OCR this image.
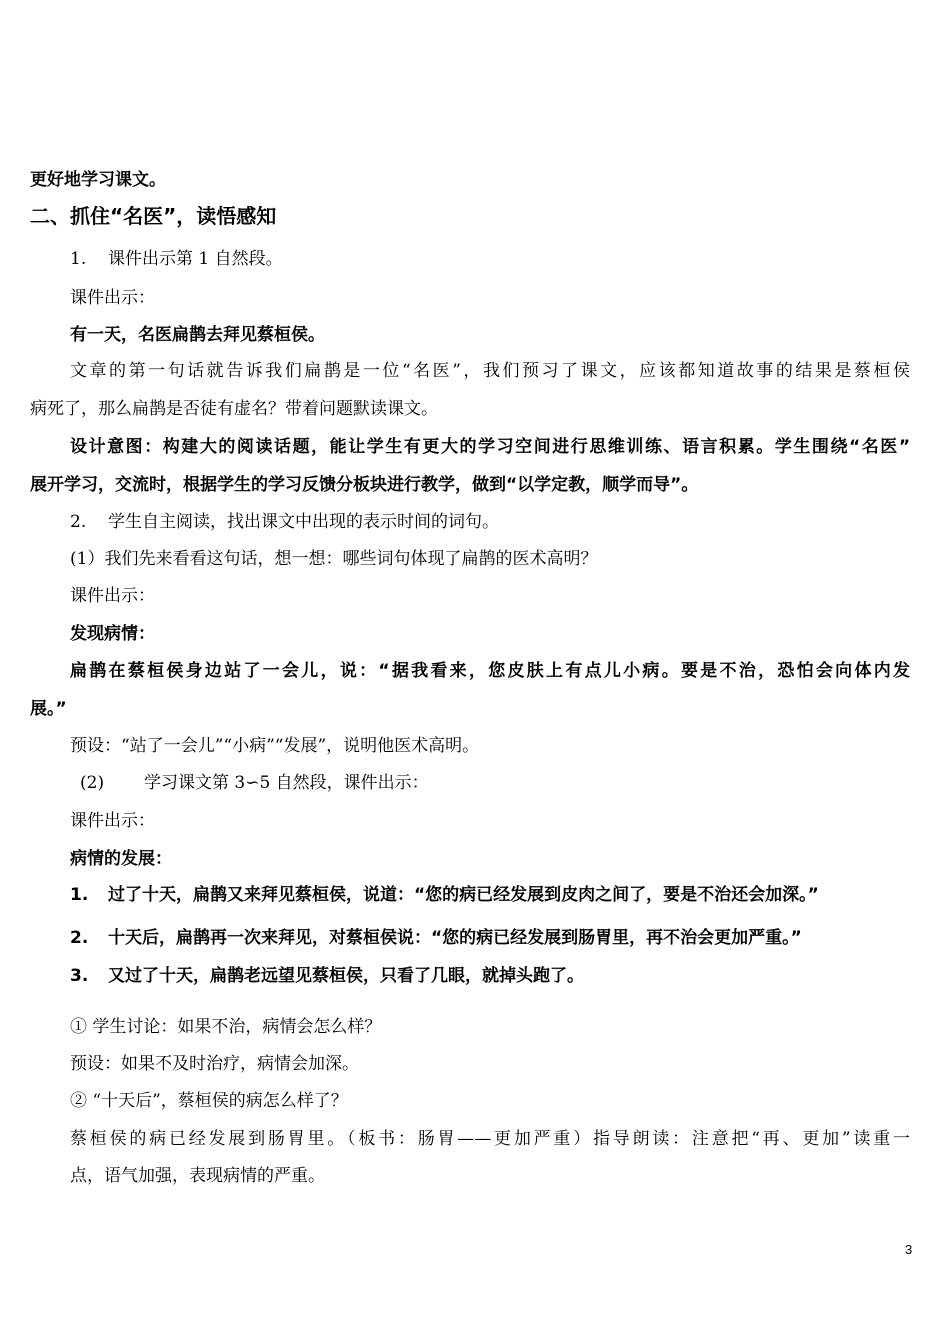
更好地学习课文。
二、抓住“名医”，读悟感知
1. 课件出示第 1 自然段。
课件出示：
有一天，名医扁鹊去拜见蔡桓侯。
文章的第一句话就告诉我们扁鹊是一位“名医”，我们预习了课文，应该都知道故事的结果是蔡桓侯
病死了，那么扁鹊是否徒有虚名？带着问题默读课文。
设计意图：构建大的阅读话题，能让学生有更大的学习空间进行思维训练、语言积累。学生围绕“名医”
展开学习，交流时，根据学生的学习反馈分板块进行教学，做到“以学定教，顺学而导”。
2. 学生自主阅读，找出课文中出现的表示时间的词句。
(1）我们先来看看这句话，想一想：哪些词句体现了扁鹊的医术高明？
课件出示：
发现病情：
扁鹊在蔡桓侯身边站了一会儿，说：“据我看来，您皮肤上有点儿小病。要是不治，恐怕会向体内发
展。”
预设：“站了一会儿”“小病”“发展”，说明他医术高明。
(2) 学习课文第 3∽5 自然段，课件出示：
课件出示：
病情的发展：
1. 过了十天，扁鹊又来拜见蔡桓侯，说道：“您的病已经发展到皮肉之间了，要是不治还会加深。”
2. 十天后，扁鹊再一次来拜见，对蔡桓侯说：“您的病已经发展到肠胃里，再不治会更加严重。”
3. 又过了十天，扁鹊老远望见蔡桓侯，只看了几眼，就掉头跑了。
① 学生讨论：如果不治，病情会怎么样？
预设：如果不及时治疗，病情会加深。
② “十天后”，蔡桓侯的病怎么样了？
蔡桓侯的病已经发展到肠胃里。（板书：肠胃——更加严重）指导朗读：注意把“再、更加”读重一
点，语气加强，表现病情的严重。
3
